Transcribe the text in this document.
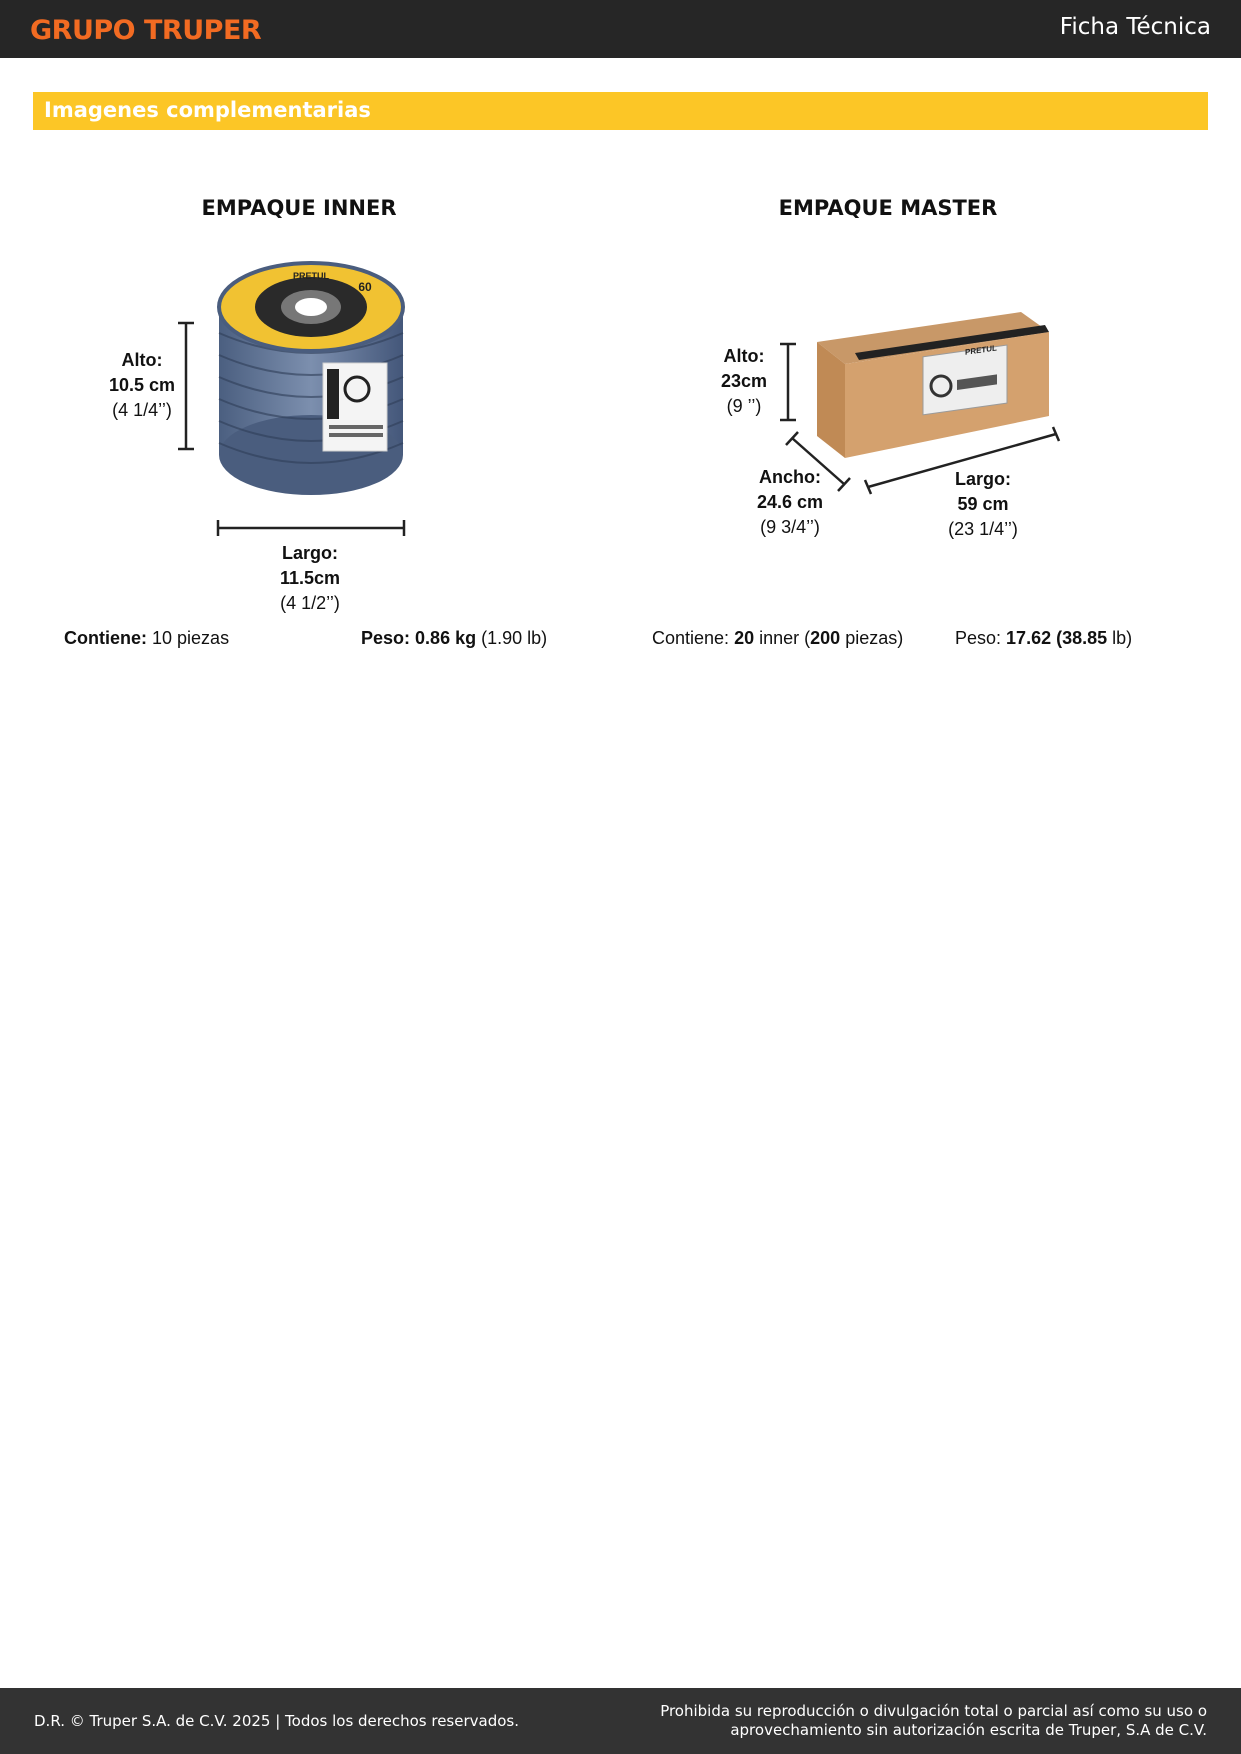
GRUPO TRUPER	Ficha Técnica
Imagenes complementarias
EMPAQUE INNER
PRETUL
60
Alto:
10.5 cm
(4 1/4’’)
Largo:
11.5cm
(4 1/2’’)
Contiene: 10 piezas	Peso: 0.86 kg (1.90 lb)
EMPAQUE MASTER
PRETUL
Alto:
23cm
(9 ’’)
Ancho:
24.6 cm
(9 3/4’’)
Largo:
59 cm
(23 1/4’’)
Contiene: 20 inner (200 piezas)	Peso: 17.62 (38.85 lb)
D.R. © Truper S.A. de C.V. 2025 | Todos los derechos reservados.
Prohibida su reproducción o divulgación total o parcial así como su uso o
aprovechamiento sin autorización escrita de Truper, S.A de C.V.
